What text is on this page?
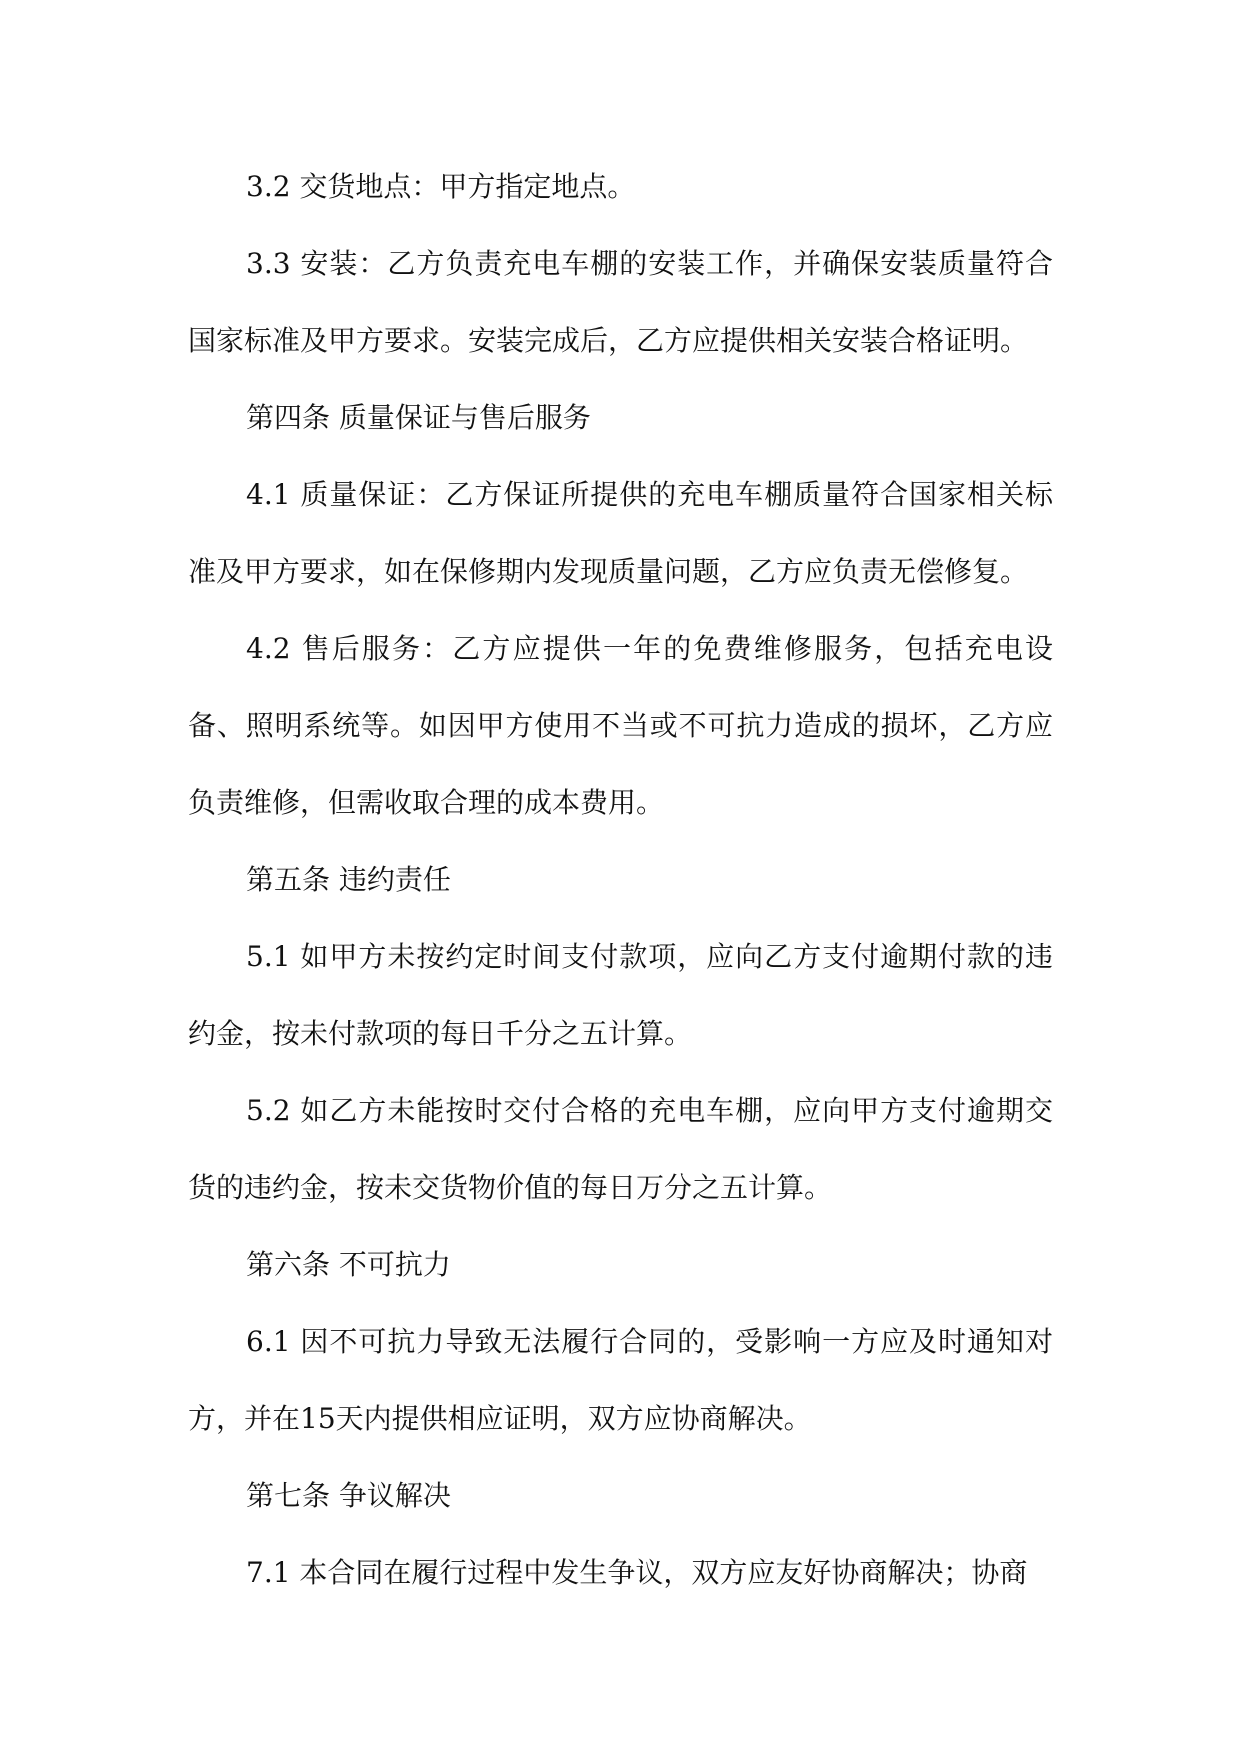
3.2 交货地点：甲方指定地点。

3.3 安装：乙方负责充电车棚的安装工作，并确保安装质量符合国家标准及甲方要求。安装完成后，乙方应提供相关安装合格证明。

第四条 质量保证与售后服务

4.1 质量保证：乙方保证所提供的充电车棚质量符合国家相关标准及甲方要求，如在保修期内发现质量问题，乙方应负责无偿修复。

4.2 售后服务：乙方应提供一年的免费维修服务，包括充电设备、照明系统等。如因甲方使用不当或不可抗力造成的损坏，乙方应负责维修，但需收取合理的成本费用。

第五条 违约责任

5.1 如甲方未按约定时间支付款项，应向乙方支付逾期付款的违约金，按未付款项的每日千分之五计算。

5.2 如乙方未能按时交付合格的充电车棚，应向甲方支付逾期交货的违约金，按未交货物价值的每日万分之五计算。

第六条 不可抗力

6.1 因不可抗力导致无法履行合同的，受影响一方应及时通知对方，并在15天内提供相应证明，双方应协商解决。

第七条 争议解决

7.1 本合同在履行过程中发生争议，双方应友好协商解决；协商
